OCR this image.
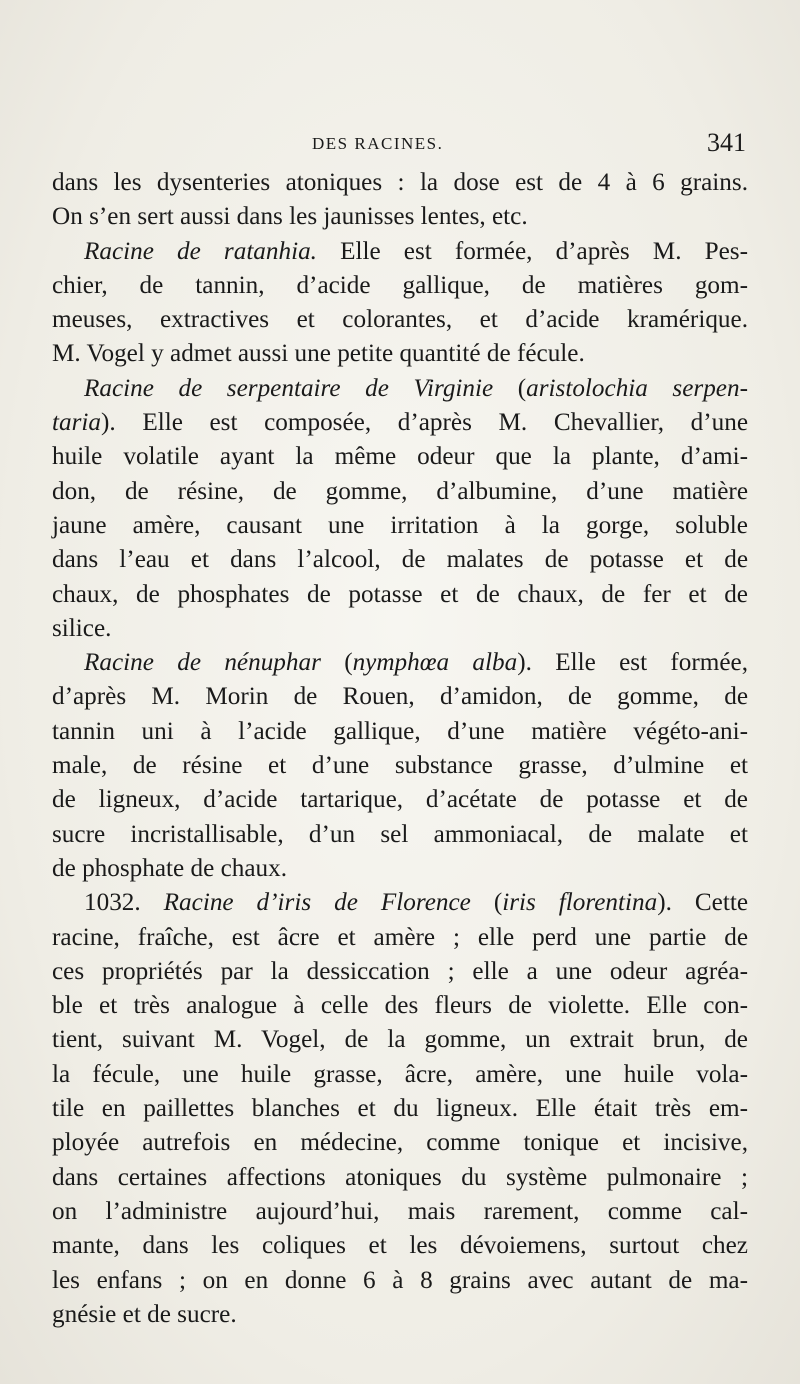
DES RACINES.	341
dans les dysenteries atoniques : la dose est de 4 à 6 grains.
On s’en sert aussi dans les jaunisses lentes, etc.
Racine de ratanhia. Elle est formée, d’après M. Pes-
chier, de tannin, d’acide gallique, de matières gom-
meuses, extractives et colorantes, et d’acide kramérique.
M. Vogel y admet aussi une petite quantité de fécule.
Racine de serpentaire de Virginie (aristolochia serpen-
taria). Elle est composée, d’après M. Chevallier, d’une
huile volatile ayant la même odeur que la plante, d’ami-
don, de résine, de gomme, d’albumine, d’une matière
jaune amère, causant une irritation à la gorge, soluble
dans l’eau et dans l’alcool, de malates de potasse et de
chaux, de phosphates de potasse et de chaux, de fer et de
silice.
Racine de nénuphar (nymphœa alba). Elle est formée,
d’après M. Morin de Rouen, d’amidon, de gomme, de
tannin uni à l’acide gallique, d’une matière végéto-ani-
male, de résine et d’une substance grasse, d’ulmine et
de ligneux, d’acide tartarique, d’acétate de potasse et de
sucre incristallisable, d’un sel ammoniacal, de malate et
de phosphate de chaux.
1032. Racine d’iris de Florence (iris florentina). Cette
racine, fraîche, est âcre et amère ; elle perd une partie de
ces propriétés par la dessiccation ; elle a une odeur agréa-
ble et très analogue à celle des fleurs de violette. Elle con-
tient, suivant M. Vogel, de la gomme, un extrait brun, de
la fécule, une huile grasse, âcre, amère, une huile vola-
tile en paillettes blanches et du ligneux. Elle était très em-
ployée autrefois en médecine, comme tonique et incisive,
dans certaines affections atoniques du système pulmonaire ;
on l’administre aujourd’hui, mais rarement, comme cal-
mante, dans les coliques et les dévoiemens, surtout chez
les enfans ; on en donne 6 à 8 grains avec autant de ma-
gnésie et de sucre.
